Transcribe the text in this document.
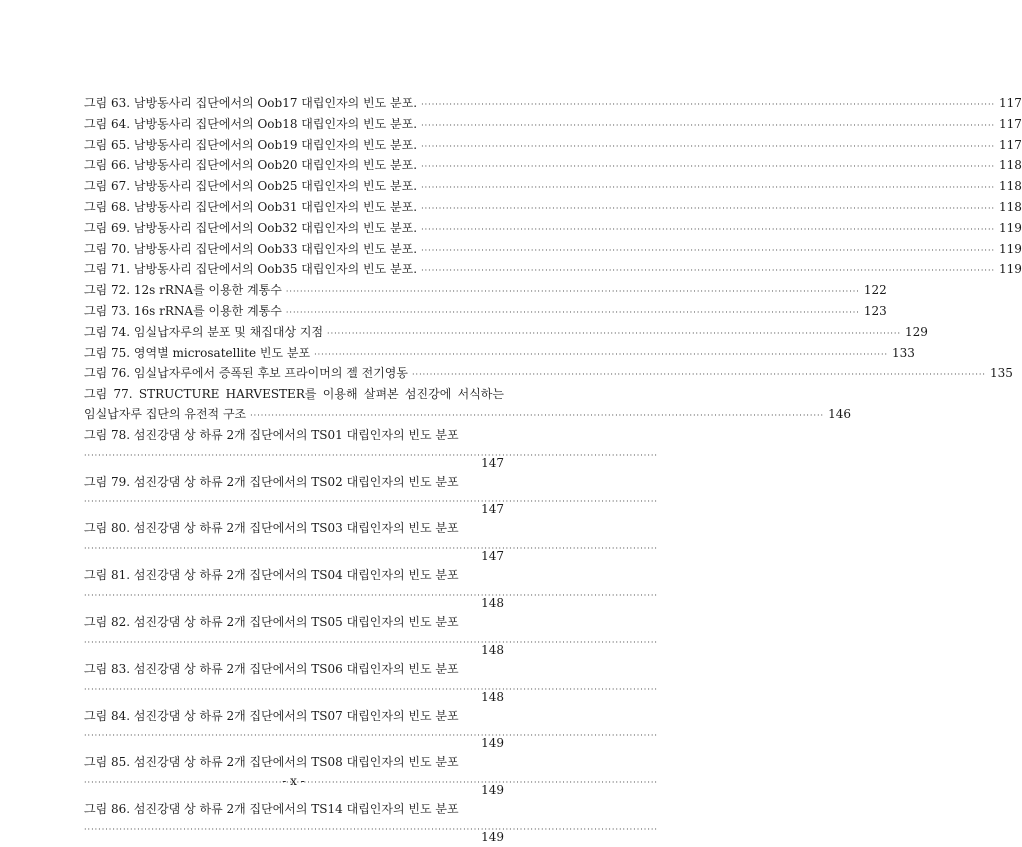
그림 63. 남방동사리 집단에서의 Oob17 대립인자의 빈도 분포. ·····	117
그림 64. 남방동사리 집단에서의 Oob18 대립인자의 빈도 분포. ·····	117
그림 65. 남방동사리 집단에서의 Oob19 대립인자의 빈도 분포. ·····	117
그림 66. 남방동사리 집단에서의 Oob20 대립인자의 빈도 분포. ·····	118
그림 67. 남방동사리 집단에서의 Oob25 대립인자의 빈도 분포. ·····	118
그림 68. 남방동사리 집단에서의 Oob31 대립인자의 빈도 분포. ·····	118
그림 69. 남방동사리 집단에서의 Oob32 대립인자의 빈도 분포. ·····	119
그림 70. 남방동사리 집단에서의 Oob33 대립인자의 빈도 분포. ·····	119
그림 71. 남방동사리 집단에서의 Oob35 대립인자의 빈도 분포. ·····	119
그림 72. 12s rRNA를 이용한 계통수 ·····	122
그림 73. 16s rRNA를 이용한 계통수 ·····	123
그림 74. 임실납자루의 분포 및 채집대상 지점 ·····	129
그림 75. 영역별 microsatellite 빈도 분포 ·····	133
그림 76. 임실납자루에서 증폭된 후보 프라이머의 젤 전기영동 ·····	135
그림 77. STRUCTURE HARVESTER를 이용해 살펴본 섬진강에 서식하는
임실납자루 집단의 유전적 구조 ·····	146
그림 78. 섬진강댐 상 하류 2개 집단에서의 TS01 대립인자의 빈도 분포
·····
147
그림 79. 섬진강댐 상 하류 2개 집단에서의 TS02 대립인자의 빈도 분포
·····
147
그림 80. 섬진강댐 상 하류 2개 집단에서의 TS03 대립인자의 빈도 분포
·····
147
그림 81. 섬진강댐 상 하류 2개 집단에서의 TS04 대립인자의 빈도 분포
·····
148
그림 82. 섬진강댐 상 하류 2개 집단에서의 TS05 대립인자의 빈도 분포
·····
148
그림 83. 섬진강댐 상 하류 2개 집단에서의 TS06 대립인자의 빈도 분포
·····
148
그림 84. 섬진강댐 상 하류 2개 집단에서의 TS07 대립인자의 빈도 분포
·····
149
그림 85. 섬진강댐 상 하류 2개 집단에서의 TS08 대립인자의 빈도 분포
·····
149
그림 86. 섬진강댐 상 하류 2개 집단에서의 TS14 대립인자의 빈도 분포
·····
149
- x -
